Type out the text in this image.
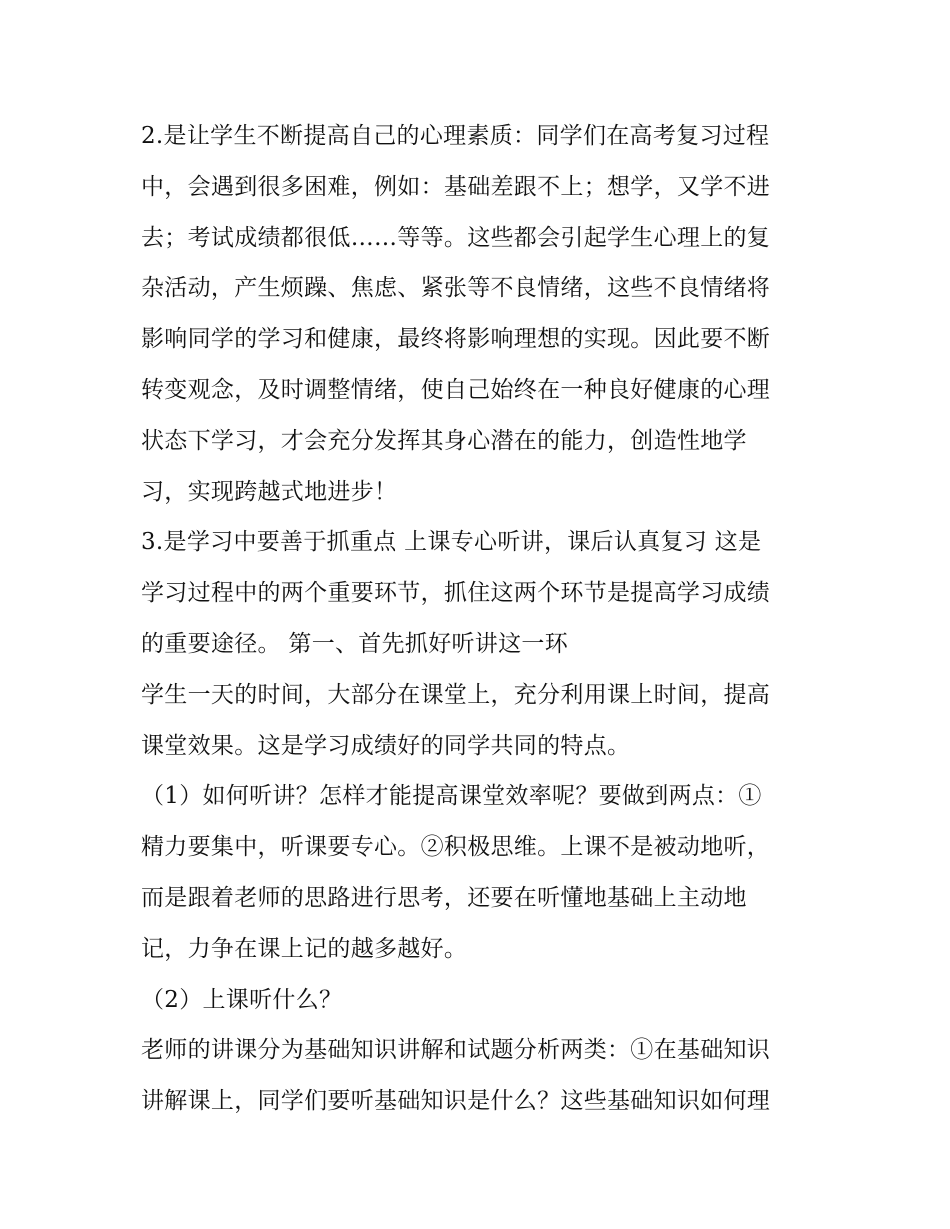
2.是让学生不断提高自己的心理素质：同学们在高考复习过程
中，会遇到很多困难，例如：基础差跟不上；想学，又学不进
去；考试成绩都很低……等等。这些都会引起学生心理上的复
杂活动，产生烦躁、焦虑、紧张等不良情绪，这些不良情绪将
影响同学的学习和健康，最终将影响理想的实现。因此要不断
转变观念，及时调整情绪，使自己始终在一种良好健康的心理
状态下学习，才会充分发挥其身心潜在的能力，创造性地学
习，实现跨越式地进步！
3.是学习中要善于抓重点 上课专心听讲，课后认真复习 这是
学习过程中的两个重要环节，抓住这两个环节是提高学习成绩
的重要途径。 第一、首先抓好听讲这一环
学生一天的时间，大部分在课堂上，充分利用课上时间，提高
课堂效果。这是学习成绩好的同学共同的特点。
（1）如何听讲？怎样才能提高课堂效率呢？要做到两点：①
精力要集中，听课要专心。②积极思维。上课不是被动地听，
而是跟着老师的思路进行思考，还要在听懂地基础上主动地
记，力争在课上记的越多越好。
（2）上课听什么？
老师的讲课分为基础知识讲解和试题分析两类：①在基础知识
讲解课上，同学们要听基础知识是什么？这些基础知识如何理
